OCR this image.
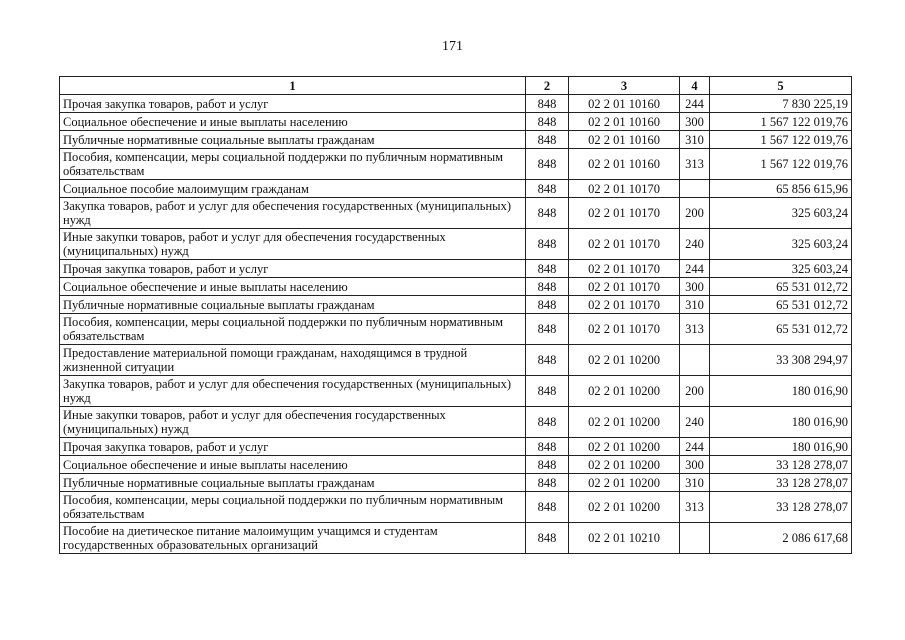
171
1	2	3	4	5
Прочая закупка товаров, работ и услуг	848	02 2 01 10160	244	7 830 225,19
Социальное обеспечение и иные выплаты населению	848	02 2 01 10160	300	1 567 122 019,76
Публичные нормативные социальные выплаты гражданам	848	02 2 01 10160	310	1 567 122 019,76
Пособия, компенсации, меры социальной поддержки по публичным нормативным обязательствам	848	02 2 01 10160	313	1 567 122 019,76
Социальное пособие малоимущим гражданам	848	02 2 01 10170		65 856 615,96
Закупка товаров, работ и услуг для обеспечения государственных (муниципальных) нужд	848	02 2 01 10170	200	325 603,24
Иные закупки товаров, работ и услуг для обеспечения государственных (муниципальных) нужд	848	02 2 01 10170	240	325 603,24
Прочая закупка товаров, работ и услуг	848	02 2 01 10170	244	325 603,24
Социальное обеспечение и иные выплаты населению	848	02 2 01 10170	300	65 531 012,72
Публичные нормативные социальные выплаты гражданам	848	02 2 01 10170	310	65 531 012,72
Пособия, компенсации, меры социальной поддержки по публичным нормативным обязательствам	848	02 2 01 10170	313	65 531 012,72
Предоставление материальной помощи гражданам, находящимся в трудной жизненной ситуации	848	02 2 01 10200		33 308 294,97
Закупка товаров, работ и услуг для обеспечения государственных (муниципальных) нужд	848	02 2 01 10200	200	180 016,90
Иные закупки товаров, работ и услуг для обеспечения государственных (муниципальных) нужд	848	02 2 01 10200	240	180 016,90
Прочая закупка товаров, работ и услуг	848	02 2 01 10200	244	180 016,90
Социальное обеспечение и иные выплаты населению	848	02 2 01 10200	300	33 128 278,07
Публичные нормативные социальные выплаты гражданам	848	02 2 01 10200	310	33 128 278,07
Пособия, компенсации, меры социальной поддержки по публичным нормативным обязательствам	848	02 2 01 10200	313	33 128 278,07
Пособие на диетическое питание малоимущим учащимся и студентам государственных образовательных организаций	848	02 2 01 10210		2 086 617,68
